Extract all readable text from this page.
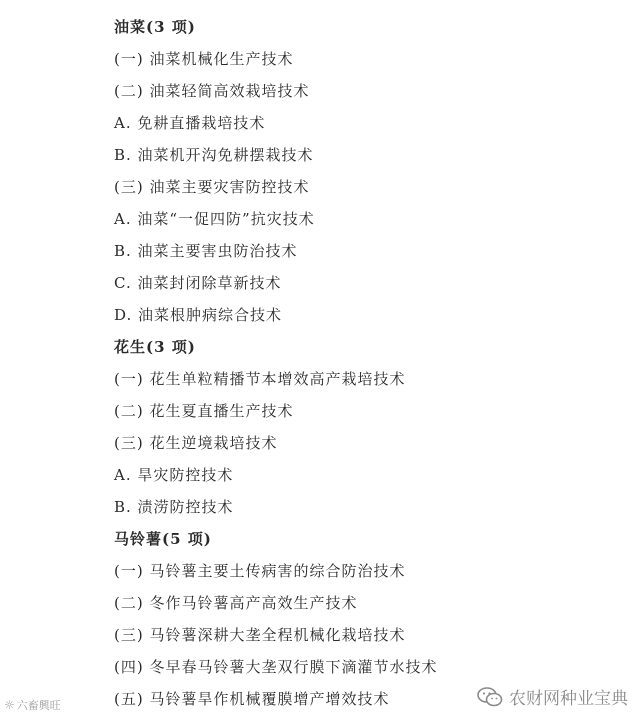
油菜(3 项)
(一) 油菜机械化生产技术
(二) 油菜轻简高效栽培技术
A. 免耕直播栽培技术
B. 油菜机开沟免耕摆栽技术
(三) 油菜主要灾害防控技术
A. 油菜“一促四防”抗灾技术
B. 油菜主要害虫防治技术
C. 油菜封闭除草新技术
D. 油菜根肿病综合技术
花生(3 项)
(一) 花生单粒精播节本增效高产栽培技术
(二) 花生夏直播生产技术
(三) 花生逆境栽培技术
A. 旱灾防控技术
B. 渍涝防控技术
马铃薯(5 项)
(一) 马铃薯主要土传病害的综合防治技术
(二) 冬作马铃薯高产高效生产技术
(三) 马铃薯深耕大垄全程机械化栽培技术
(四) 冬早春马铃薯大垄双行膜下滴灌节水技术
(五) 马铃薯旱作机械覆膜增产增效技术
☼ 六畜興旺	农财网种业宝典
